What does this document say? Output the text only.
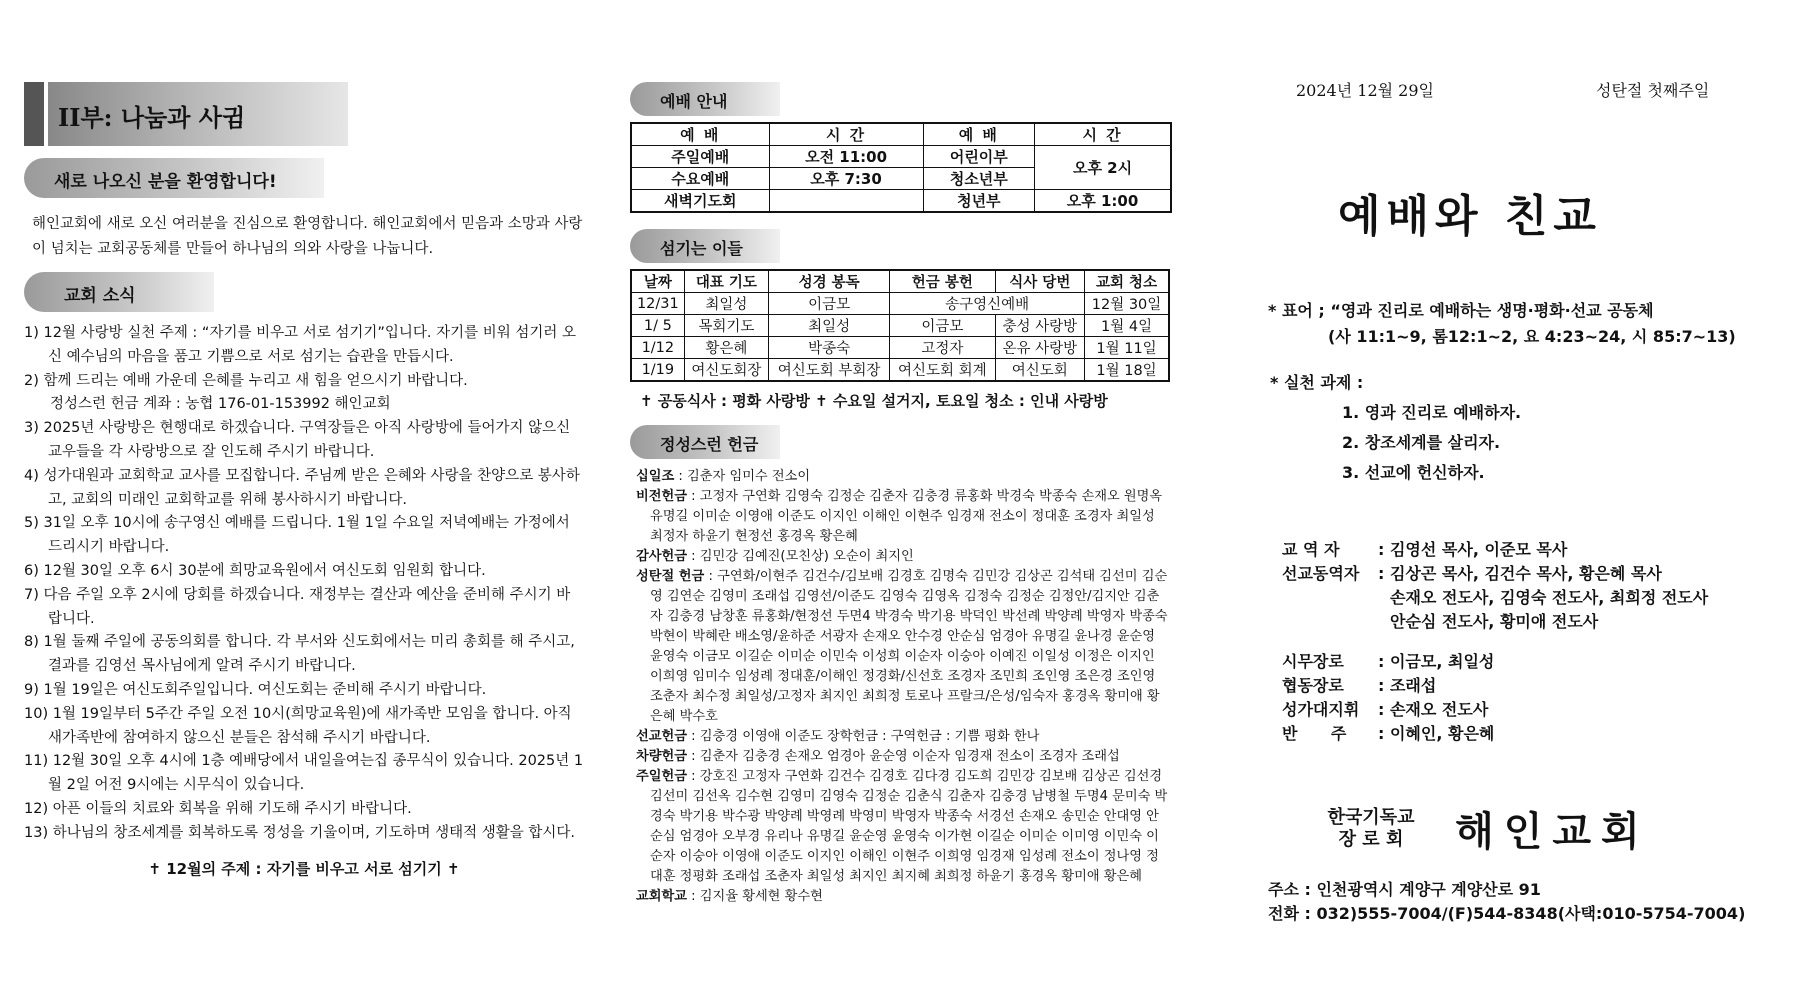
II부: 나눔과 사귐
새로 나오신 분을 환영합니다!
해인교회에 새로 오신 여러분을 진심으로 환영합니다. 해인교회에서 믿음과 소망과 사랑이 넘치는 교회공동체를 만들어 하나님의 의와 사랑을 나눕니다.
교회 소식
1) 12월 사랑방 실천 주제 : “자기를 비우고 서로 섬기기”입니다. 자기를 비워 섬기러 오신 예수님의 마음을 품고 기쁨으로 서로 섬기는 습관을 만듭시다.
2) 함께 드리는 예배 가운데 은혜를 누리고 새 힘을 얻으시기 바랍니다.
정성스런 헌금 계좌 : 농협 176-01-153992 해인교회
3) 2025년 사랑방은 현행대로 하겠습니다. 구역장들은 아직 사랑방에 들어가지 않으신 교우들을 각 사랑방으로 잘 인도해 주시기 바랍니다.
4) 성가대원과 교회학교 교사를 모집합니다. 주님께 받은 은혜와 사랑을 찬양으로 봉사하고, 교회의 미래인 교회학교를 위해 봉사하시기 바랍니다.
5) 31일 오후 10시에 송구영신 예배를 드립니다. 1월 1일 수요일 저녁예배는 가정에서 드리시기 바랍니다.
6) 12월 30일 오후 6시 30분에 희망교육원에서 여신도회 임원회 합니다.
7) 다음 주일 오후 2시에 당회를 하겠습니다. 재정부는 결산과 예산을 준비해 주시기 바랍니다.
8) 1월 둘째 주일에 공동의회를 합니다. 각 부서와 신도회에서는 미리 총회를 해 주시고, 결과를 김영선 목사님에게 알려 주시기 바랍니다.
9) 1월 19일은 여신도회주일입니다. 여신도회는 준비해 주시기 바랍니다.
10) 1월 19일부터 5주간 주일 오전 10시(희망교육원)에 새가족반 모임을 합니다. 아직 새가족반에 참여하지 않으신 분들은 참석해 주시기 바랍니다.
11) 12월 30일 오후 4시에 1층 예배당에서 내일을여는집 종무식이 있습니다. 2025년 1월 2일 어전 9시에는 시무식이 있습니다.
12) 아픈 이들의 치료와 회복을 위해 기도해 주시기 바랍니다.
13) 하나님의 창조세계를 회복하도록 정성을 기울이며, 기도하며 생태적 생활을 합시다.
✝ 12월의 주제 : 자기를 비우고 서로 섬기기 ✝
예배 안내
예 배	시 간	예 배	시 간
주일예배	오전 11:00	어린이부	오후 2시
수요예배	오후 7:30	청소년부	
새벽기도회		청년부	오후 1:00
섬기는 이들
날짜	대표 기도	성경 봉독	헌금 봉헌	식사 당번	교회 청소
12/31	최일성	이금모	송구영신예배		12월 30일
1/ 5	목회기도	최일성	이금모	충성 사랑방	1월 4일
1/12	황은혜	박종숙	고정자	온유 사랑방	1월 11일
1/19	여신도회장	여신도회 부회장	여신도회 회계	여신도회	1월 18일
✝ 공동식사 : 평화 사랑방 ✝ 수요일 설거지, 토요일 청소 : 인내 사랑방
정성스런 헌금
십일조 : 김춘자 임미수 전소이
비전헌금 : 고정자 구연화 김영숙 김정순 김춘자 김충경 류홍화 박경숙 박종숙 손재오 원명옥 유명길 이미순 이영애 이준도 이지인 이해인 이현주 임경재 전소이 정대훈 조경자 최일성 최정자 하윤기 현정선 홍경옥 황은혜
감사헌금 : 김민강 김예진(모친상) 오순이 최지인
성탄절 헌금 : 구연화/이현주 김건수/김보배 김경호 김명숙 김민강 김상곤 김석태 김선미 김순영 김연순 김영미 조래섭 김영선/이준도 김영숙 김영옥 김정숙 김정순 김정안/김지안 김춘자 김충경 남창훈 류홍화/현정선 두면4 박경숙 박기용 박덕인 박선례 박양례 박영자 박종숙 박현이 박혜란 배소영/윤하준 서광자 손재오 안수경 안순심 엄경아 유명길 윤나경 윤순영 윤영숙 이금모 이길순 이미순 이민숙 이성희 이순자 이숭아 이예진 이일성 이정은 이지인 이희영 임미수 임성례 정대훈/이해인 정경화/신선호 조경자 조민희 조인영 조은경 조인영 조춘자 최수정 최일성/고정자 최지인 최희정 토로나 프랄크/은성/임숙자 홍경옥 황미애 황은혜 박수호
선교헌금 : 김충경 이영애 이준도 장학헌금 : 구역헌금 : 기쁨 평화 한나
차량헌금 : 김춘자 김충경 손재오 엄경아 윤순영 이순자 임경재 전소이 조경자 조래섭
주일헌금 : 강호진 고정자 구연화 김건수 김경호 김다경 김도희 김민강 김보배 김상곤 김선경 김선미 김선옥 김수현 김영미 김영숙 김정순 김춘식 김춘자 김충경 남병철 두명4 문미숙 박경숙 박기용 박수광 박양례 박영례 박영미 박영자 박종숙 서경선 손재오 송민순 안대영 안순심 엄경아 오부경 유리나 유명길 윤순영 윤영숙 이가현 이길순 이미순 이미영 이민숙 이순자 이숭아 이영애 이준도 이지인 이해인 이현주 이희영 임경재 임성례 전소이 정나영 정대훈 정평화 조래섭 조춘자 최일성 최지인 최지혜 최희정 하윤기 홍경옥 황미애 황은혜
교회학교 : 김지율 황세현 황수현
2024년 12월 29일	성탄절 첫째주일
예배와 친교
* 표어 ; “영과 진리로 예배하는 생명·평화·선교 공동체
(사 11:1~9, 롬12:1~2, 요 4:23~24, 시 85:7~13)
* 실천 과제 :
1. 영과 진리로 예배하자.
2. 창조세계를 살리자.
3. 선교에 헌신하자.
교 역 자	: 김영선 목사, 이준모 목사
선교동역자	: 김상곤 목사, 김건수 목사, 황은혜 목사
손재오 전도사, 김영숙 전도사, 최희정 전도사
안순심 전도사, 황미애 전도사
시무장로	: 이금모, 최일성
협동장로	: 조래섭
성가대지휘	: 손재오 전도사
반      주	: 이혜인, 황은혜
한국기독교
장 로 회 해인교회
주소 : 인천광역시 계양구 계양산로 91
전화 : 032)555-7004/(F)544-8348(사택:010-5754-7004)
